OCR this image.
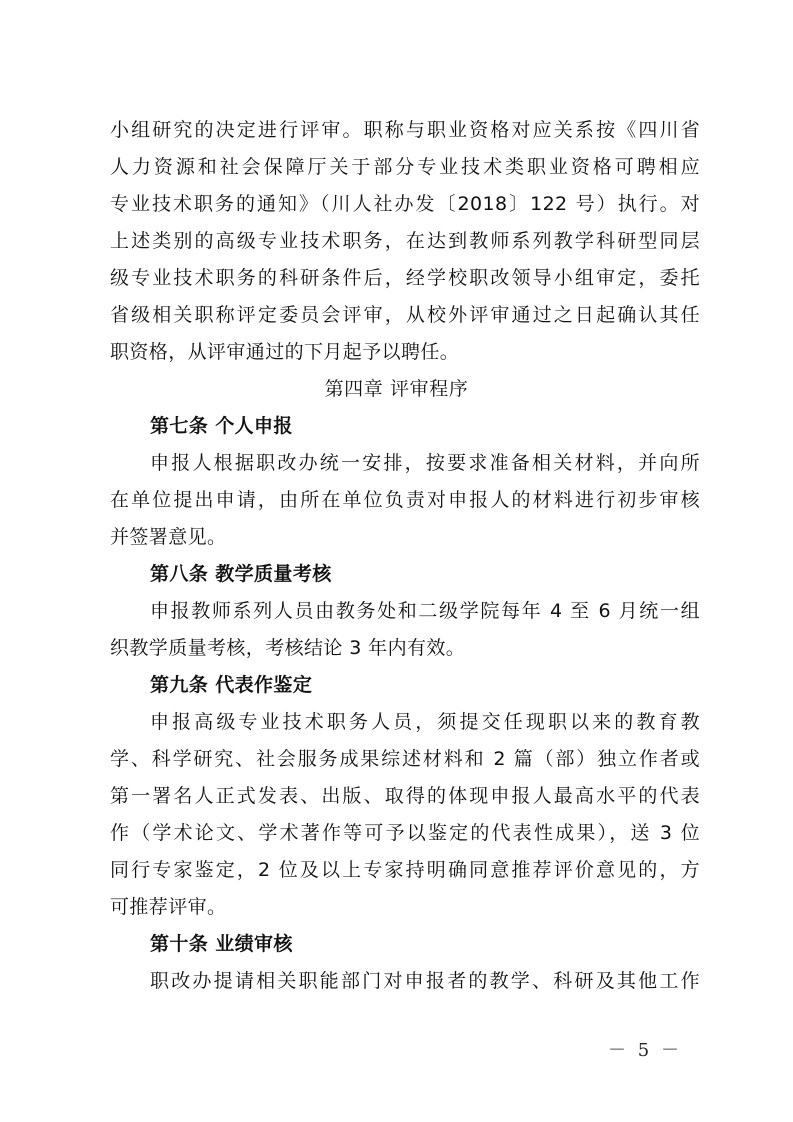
小组研究的决定进行评审。职称与职业资格对应关系按《四川省
人力资源和社会保障厅关于部分专业技术类职业资格可聘相应
专业技术职务的通知》（川人社办发〔2018〕122 号）执行。对
上述类别的高级专业技术职务，在达到教师系列教学科研型同层
级专业技术职务的科研条件后，经学校职改领导小组审定，委托
省级相关职称评定委员会评审，从校外评审通过之日起确认其任
职资格，从评审通过的下月起予以聘任。
第四章 评审程序
第七条 个人申报
申报人根据职改办统一安排，按要求准备相关材料，并向所
在单位提出申请，由所在单位负责对申报人的材料进行初步审核
并签署意见。
第八条 教学质量考核
申报教师系列人员由教务处和二级学院每年 4 至 6 月统一组
织教学质量考核，考核结论 3 年内有效。
第九条 代表作鉴定
申报高级专业技术职务人员，须提交任现职以来的教育教
学、科学研究、社会服务成果综述材料和 2 篇（部）独立作者或
第一署名人正式发表、出版、取得的体现申报人最高水平的代表
作（学术论文、学术著作等可予以鉴定的代表性成果），送 3 位
同行专家鉴定，2 位及以上专家持明确同意推荐评价意见的，方
可推荐评审。
第十条 业绩审核
职改办提请相关职能部门对申报者的教学、科研及其他工作
－ 5 －
